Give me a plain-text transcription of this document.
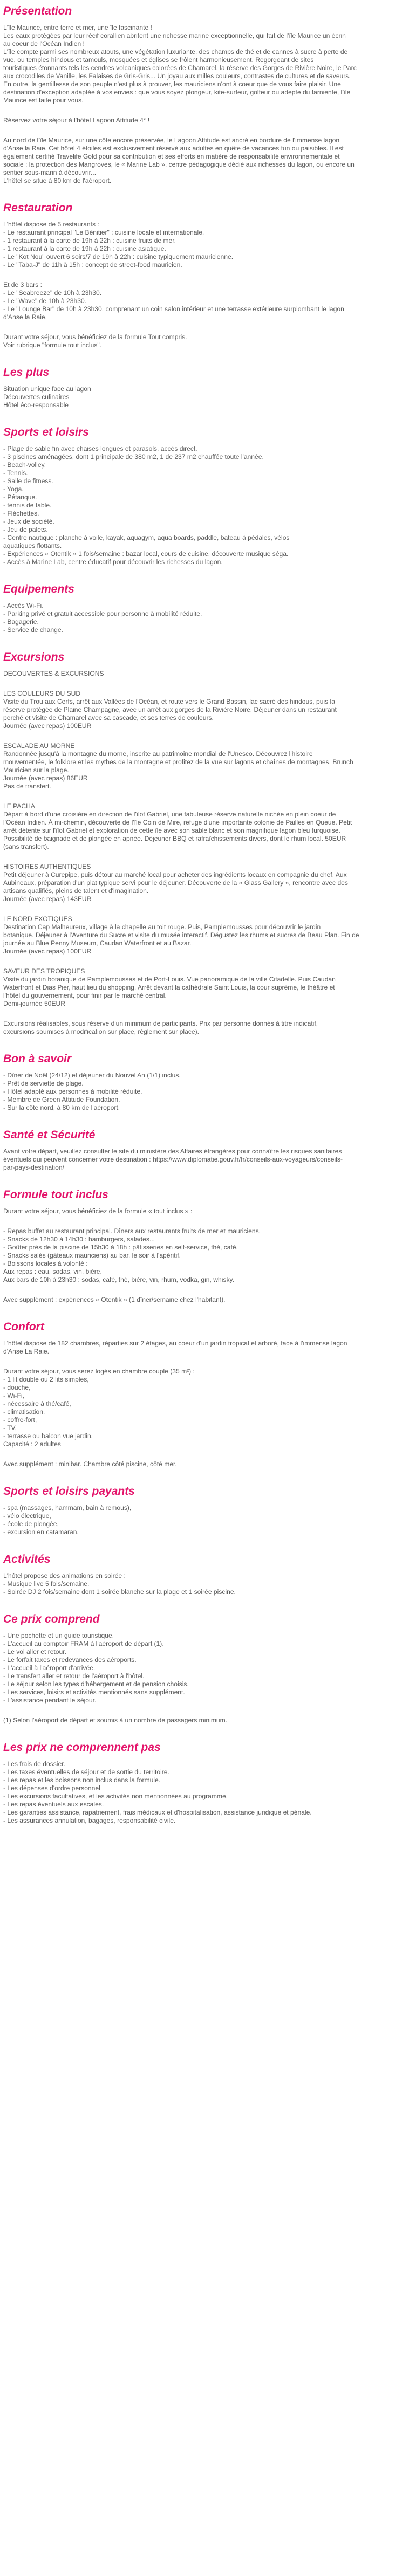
Présentation
L'île Maurice, entre terre et mer, une île fascinante !
Les eaux protégées par leur récif corallien abritent une richesse marine exceptionnelle, qui fait de l'île Maurice un écrin
au coeur de l'Océan Indien !
L'île compte parmi ses nombreux atouts, une végétation luxuriante, des champs de thé et de cannes à sucre à perte de
vue, ou temples hindous et tamouls, mosquées et églises se frôlent harmonieusement. Regorgeant de sites
touristiques étonnants tels les cendres volcaniques colorées de Chamarel, la réserve des Gorges de Rivière Noire, le Parc
aux crocodiles de Vanille, les Falaises de Gris-Gris... Un joyau aux milles couleurs, contrastes de cultures et de saveurs.
En outre, la gentillesse de son peuple n'est plus à prouver, les mauriciens n'ont à coeur que de vous faire plaisir. Une
destination d'exception adaptée à vos envies : que vous soyez plongeur, kite-surfeur, golfeur ou adepte du farniente, l'île
Maurice est faite pour vous.
Réservez votre séjour à l'hôtel Lagoon Attitude 4* !
Au nord de l'île Maurice, sur une côte encore préservée, le Lagoon Attitude est ancré en bordure de l'immense lagon
d'Anse la Raie. Cet hôtel 4 étoiles est exclusivement réservé aux adultes en quête de vacances fun ou paisibles. Il est
également certifié Travelife Gold pour sa contribution et ses efforts en matière de responsabilité environnementale et
sociale : la protection des Mangroves, le « Marine Lab », centre pédagogique dédié aux richesses du lagon, ou encore un
sentier sous-marin à découvrir...
L'hôtel se situe à 80 km de l'aéroport.
Restauration
L'hôtel dispose de 5 restaurants :
- Le restaurant principal "Le Bénitier" : cuisine locale et internationale.
- 1 restaurant à la carte de 19h à 22h : cuisine fruits de mer.
- 1 restaurant à la carte de 19h à 22h : cuisine asiatique.
- Le "Kot Nou" ouvert 6 soirs/7 de 19h à 22h : cuisine typiquement mauricienne.
- Le "Taba-J" de 11h à 15h : concept de street-food mauricien.
Et de 3 bars :
- Le "Seabreeze" de 10h à 23h30.
- Le "Wave" de 10h à 23h30.
- Le "Lounge Bar" de 10h à 23h30, comprenant un coin salon intérieur et une terrasse extérieure surplombant le lagon
d'Anse la Raie.
Durant votre séjour, vous bénéficiez de la formule Tout compris.
Voir rubrique "formule tout inclus".
Les plus
Situation unique face au lagon
Découvertes culinaires
Hôtel éco-responsable
Sports et loisirs
- Plage de sable fin avec chaises longues et parasols, accès direct.
- 3 piscines aménagées, dont 1 principale de 380 m2, 1 de 237 m2 chauffée toute l'année.
- Beach-volley.
- Tennis.
- Salle de fitness.
- Yoga.
- Pétanque.
- tennis de table.
- Fléchettes.
- Jeux de société.
- Jeu de palets.
- Centre nautique : planche à voile, kayak, aquagym, aqua boards, paddle, bateau à pédales, vélos
aquatiques flottants.
- Expériences « Otentik » 1 fois/semaine : bazar local, cours de cuisine, découverte musique séga.
- Accès à Marine Lab, centre éducatif pour découvrir les richesses du lagon.
Equipements
- Accès Wi-Fi.
- Parking privé et gratuit accessible pour personne à mobilité réduite.
- Bagagerie.
- Service de change.
Excursions
DECOUVERTES & EXCURSIONS
LES COULEURS DU SUD
Visite du Trou aux Cerfs, arrêt aux Vallées de l'Océan, et route vers le Grand Bassin, lac sacré des hindous, puis la
réserve protégée de Plaine Champagne, avec un arrêt aux gorges de la Rivière Noire. Déjeuner dans un restaurant
perché et visite de Chamarel avec sa cascade, et ses terres de couleurs.
Journée (avec repas) 100EUR
ESCALADE AU MORNE
Randonnée jusqu'à la montagne du morne, inscrite au patrimoine mondial de l'Unesco. Découvrez l'histoire
mouvementée, le folklore et les mythes de la montagne et profitez de la vue sur lagons et chaînes de montagnes. Brunch
Mauricien sur la plage.
Journée (avec repas) 86EUR
Pas de transfert.
LE PACHA
Départ à bord d'une croisière en direction de l'îlot Gabriel, une fabuleuse réserve naturelle nichée en plein coeur de
l'Océan Indien. À mi-chemin, découverte de l'île Coin de Mire, refuge d'une importante colonie de Pailles en Queue. Petit
arrêt détente sur l'îlot Gabriel et exploration de cette île avec son sable blanc et son magnifique lagon bleu turquoise.
Possibilité de baignade et de plongée en apnée. Déjeuner BBQ et rafraîchissements divers, dont le rhum local. 50EUR
(sans transfert).
HISTOIRES AUTHENTIQUES
Petit déjeuner à Curepipe, puis détour au marché local pour acheter des ingrédients locaux en compagnie du chef. Aux
Aubineaux, préparation d'un plat typique servi pour le déjeuner. Découverte de la « Glass Gallery », rencontre avec des
artisans qualifiés, pleins de talent et d'imagination.
Journée (avec repas) 143EUR
LE NORD EXOTIQUES
Destination Cap Malheureux, village à la chapelle au toit rouge. Puis, Pamplemousses pour découvrir le jardin
botanique. Déjeuner à l'Aventure du Sucre et visite du musée interactif. Dégustez les rhums et sucres de Beau Plan. Fin de
journée au Blue Penny Museum, Caudan Waterfront et au Bazar.
Journée (avec repas) 100EUR
SAVEUR DES TROPIQUES
Visite du jardin botanique de Pamplemousses et de Port-Louis. Vue panoramique de la ville Citadelle. Puis Caudan
Waterfront et Dias Pier, haut lieu du shopping. Arrêt devant la cathédrale Saint Louis, la cour suprême, le théâtre et
l'hôtel du gouvernement, pour finir par le marché central.
Demi-journée 50EUR
Excursions réalisables, sous réserve d'un minimum de participants. Prix par personne donnés à titre indicatif,
excursions soumises à modification sur place, réglement sur place).
Bon à savoir
- Dîner de Noël (24/12) et déjeuner du Nouvel An (1/1) inclus.
- Prêt de serviette de plage.
- Hôtel adapté aux personnes à mobilité réduite.
- Membre de Green Attitude Foundation.
- Sur la côte nord, à 80 km de l'aéroport.
Santé et Sécurité
Avant votre départ, veuillez consulter le site du ministère des Affaires étrangères pour connaître les risques sanitaires
éventuels qui peuvent concerner votre destination : https://www.diplomatie.gouv.fr/fr/conseils-aux-voyageurs/conseils-
par-pays-destination/
Formule tout inclus
Durant votre séjour, vous bénéficiez de la formule « tout inclus » :
- Repas buffet au restaurant principal. Dîners aux restaurants fruits de mer et mauriciens.
- Snacks de 12h30 à 14h30 : hamburgers, salades...
- Goûter près de la piscine de 15h30 à 18h : pâtisseries en self-service, thé, café.
- Snacks salés (gâteaux mauriciens) au bar, le soir à l'apéritif.
- Boissons locales à volonté :
Aux repas : eau, sodas, vin, bière.
Aux bars de 10h à 23h30 : sodas, café, thé, bière, vin, rhum, vodka, gin, whisky.
Avec supplément : expériences « Otentik » (1 dîner/semaine chez l'habitant).
Confort
L'hôtel dispose de 182 chambres, réparties sur 2 étages, au coeur d'un jardin tropical et arboré, face à l'immense lagon
d'Anse La Raie.
Durant votre séjour, vous serez logés en chambre couple (35 m²) :
- 1 lit double ou 2 lits simples,
- douche,
- Wi-Fi,
- nécessaire à thé/café,
- climatisation,
- coffre-fort,
- TV,
- terrasse ou balcon vue jardin.
Capacité : 2 adultes
Avec supplément : minibar. Chambre côté piscine, côté mer.
Sports et loisirs payants
- spa (massages, hammam, bain à remous),
- vélo électrique,
- école de plongée,
- excursion en catamaran.
Activités
L'hôtel propose des animations en soirée :
- Musique live 5 fois/semaine.
- Soirée DJ 2 fois/semaine dont 1 soirée blanche sur la plage et 1 soirée piscine.
Ce prix comprend
- Une pochette et un guide touristique.
- L'accueil au comptoir FRAM à l'aéroport de départ (1).
- Le vol aller et retour.
- Le forfait taxes et redevances des aéroports.
- L'accueil à l'aéroport d'arrivée.
- Le transfert aller et retour de l'aéroport à l'hôtel.
- Le séjour selon les types d'hébergement et de pension choisis.
- Les services, loisirs et activités mentionnés sans supplément.
- L'assistance pendant le séjour.
(1) Selon l'aéroport de départ et soumis à un nombre de passagers minimum.
Les prix ne comprennent pas
- Les frais de dossier.
- Les taxes éventuelles de séjour et de sortie du territoire.
- Les repas et les boissons non inclus dans la formule.
- Les dépenses d'ordre personnel
- Les excursions facultatives, et les activités non mentionnées au programme.
- Les repas éventuels aux escales.
- Les garanties assistance, rapatriement, frais médicaux et d'hospitalisation, assistance juridique et pénale.
- Les assurances annulation, bagages, responsabilité civile.
